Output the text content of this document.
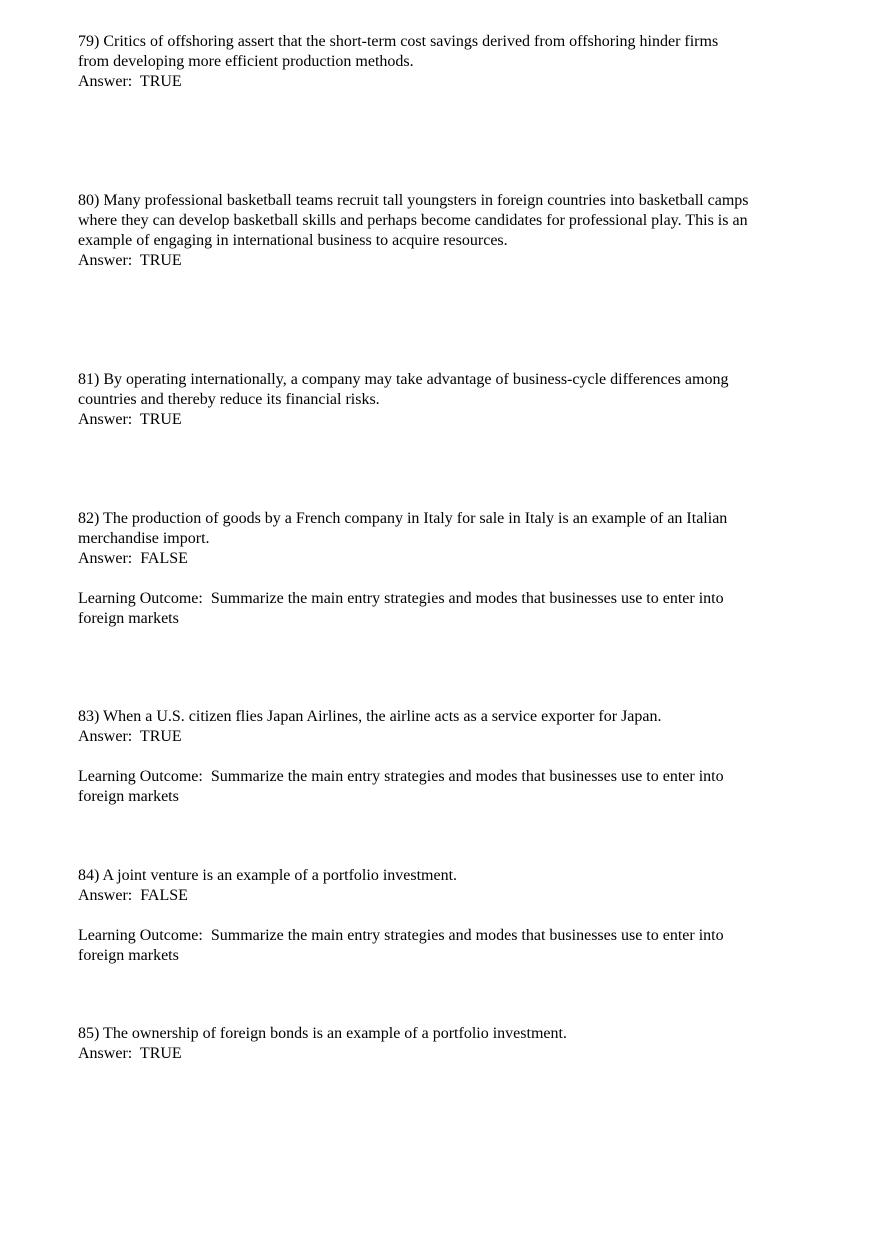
79) Critics of offshoring assert that the short-term cost savings derived from offshoring hinder firms
from developing more efficient production methods.
Answer:  TRUE
80) Many professional basketball teams recruit tall youngsters in foreign countries into basketball camps
where they can develop basketball skills and perhaps become candidates for professional play. This is an
example of engaging in international business to acquire resources.
Answer:  TRUE
81) By operating internationally, a company may take advantage of business-cycle differences among
countries and thereby reduce its financial risks.
Answer:  TRUE
82) The production of goods by a French company in Italy for sale in Italy is an example of an Italian
merchandise import.
Answer:  FALSE
Learning Outcome:  Summarize the main entry strategies and modes that businesses use to enter into
foreign markets
83) When a U.S. citizen flies Japan Airlines, the airline acts as a service exporter for Japan.
Answer:  TRUE
Learning Outcome:  Summarize the main entry strategies and modes that businesses use to enter into
foreign markets
84) A joint venture is an example of a portfolio investment.
Answer:  FALSE
Learning Outcome:  Summarize the main entry strategies and modes that businesses use to enter into
foreign markets
85) The ownership of foreign bonds is an example of a portfolio investment.
Answer:  TRUE
